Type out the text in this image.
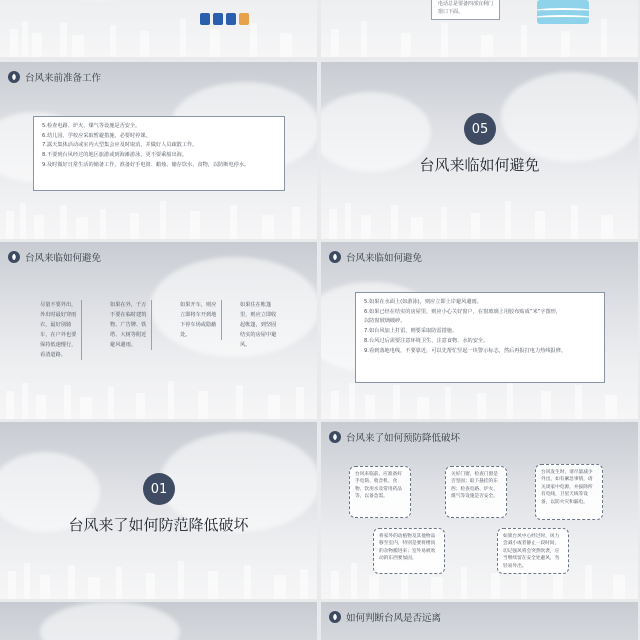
电话总是要备四部宜利门

窗口下面。

台风来前准备工作

5.检查电路、炉火、煤气等设施是否安全。

6.幼儿园、学校应采取暂避措施，必要时停课。

7.露天集体活动或室内大型集会应及时取消，并做好人员疏散工作。

8.不要到台风经过的地区旅游或到海滩游泳，更不要乘船出海。

9.及时做好日常生活的储备工作，准备好手电筒、蜡烛、储存饮水、食物，以防断电停水。

05
台风来临如何避免
台风来临如何避免

尽量不要外出，外出时最好穿雨衣，最好别骑车，在户外也要保持低速慢行，看清道路。

如果在外，千万不要在临时建筑物、广告牌、铁塔、大树等附近避风避雨。

如果开车，则应立即将车开到地下停车场或隐蔽处。

如果住在帐篷里，则应立即收起帐篷，到坚固结实的房屋中避风。

台风来临如何避免

5.如果在水面上(如游泳)，则应立即上岸避风避雨。

6.如果已经在结实的房屋里，则应小心关好窗户，在窗玻璃上用胶布贴成“米”字图形，

以防窗玻璃破碎。

7.如台风加上打雷，则要采取防雷措施。

8.台风过后需要注意环境卫生，注意食物、水的安全。

9.看到落地电线，不要靠近，可以先帮忙竖起一块警示标志，然后再报打电力热线报修。

01
台风来了如何防范降低破坏
台风来了如何预防降低破坏

台风来临前，应准备好手电筒、收音机、食物、饮用水及常用药品等，以备急需。

关好门窗，检查门窗是否坚固；取下悬挂的东西；检查电路、炉火、煤气等设施是否安全。

台风发生时，请尽量减少外出，如有紧急事情，请关闭家中电源，并拔除所有电线，卫星天线等设备，以防火灾和漏电。

将家外的动植物及其他物品移至室内，特别是要将楼顶的杂物搬进来；室外易被吹动的东西要加固。

如果台风中心经过时，风力会减小或者静止一段时间，切记强风将会突然吹袭，应当继续留在安全处避风，勿轻易外出。

如何判断台风是否远离
